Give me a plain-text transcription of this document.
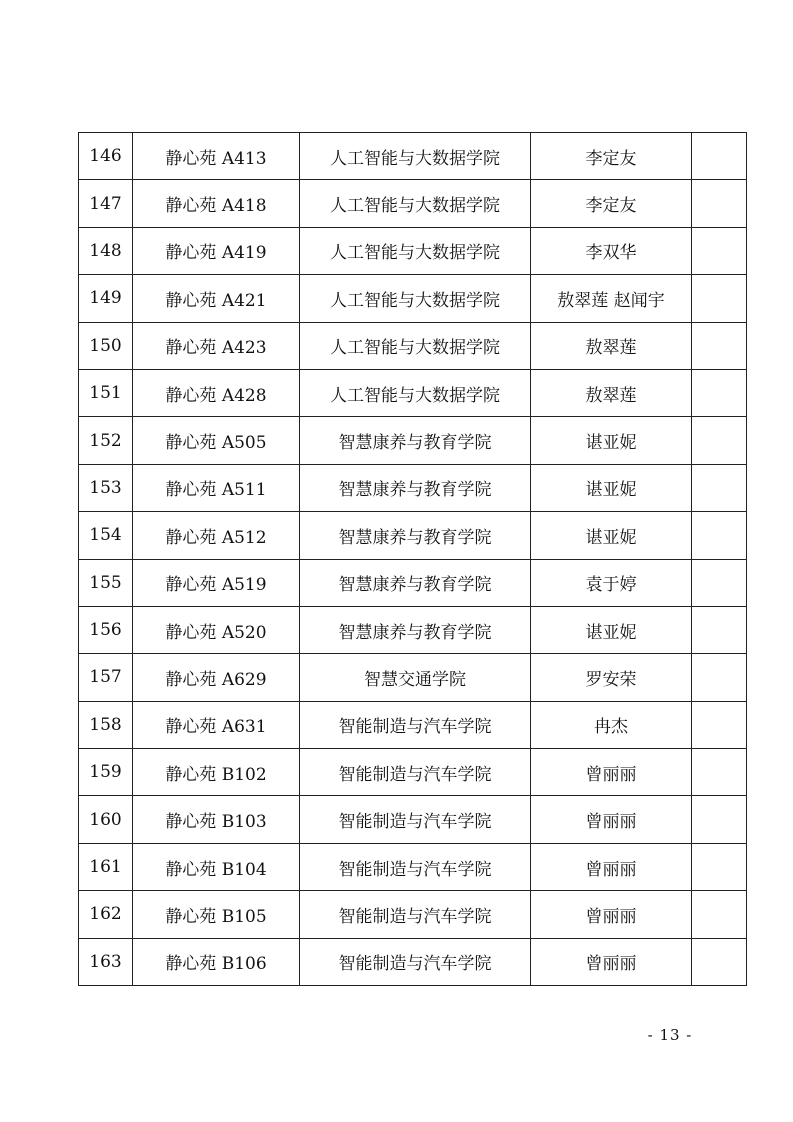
146	静心苑 A413	人工智能与大数据学院	李定友	
147	静心苑 A418	人工智能与大数据学院	李定友	
148	静心苑 A419	人工智能与大数据学院	李双华	
149	静心苑 A421	人工智能与大数据学院	敖翠莲 赵闻宇	
150	静心苑 A423	人工智能与大数据学院	敖翠莲	
151	静心苑 A428	人工智能与大数据学院	敖翠莲	
152	静心苑 A505	智慧康养与教育学院	谌亚妮	
153	静心苑 A511	智慧康养与教育学院	谌亚妮	
154	静心苑 A512	智慧康养与教育学院	谌亚妮	
155	静心苑 A519	智慧康养与教育学院	袁于婷	
156	静心苑 A520	智慧康养与教育学院	谌亚妮	
157	静心苑 A629	智慧交通学院	罗安荣	
158	静心苑 A631	智能制造与汽车学院	冉杰	
159	静心苑 B102	智能制造与汽车学院	曾丽丽	
160	静心苑 B103	智能制造与汽车学院	曾丽丽	
161	静心苑 B104	智能制造与汽车学院	曾丽丽	
162	静心苑 B105	智能制造与汽车学院	曾丽丽	
163	静心苑 B106	智能制造与汽车学院	曾丽丽	
- 13 -
